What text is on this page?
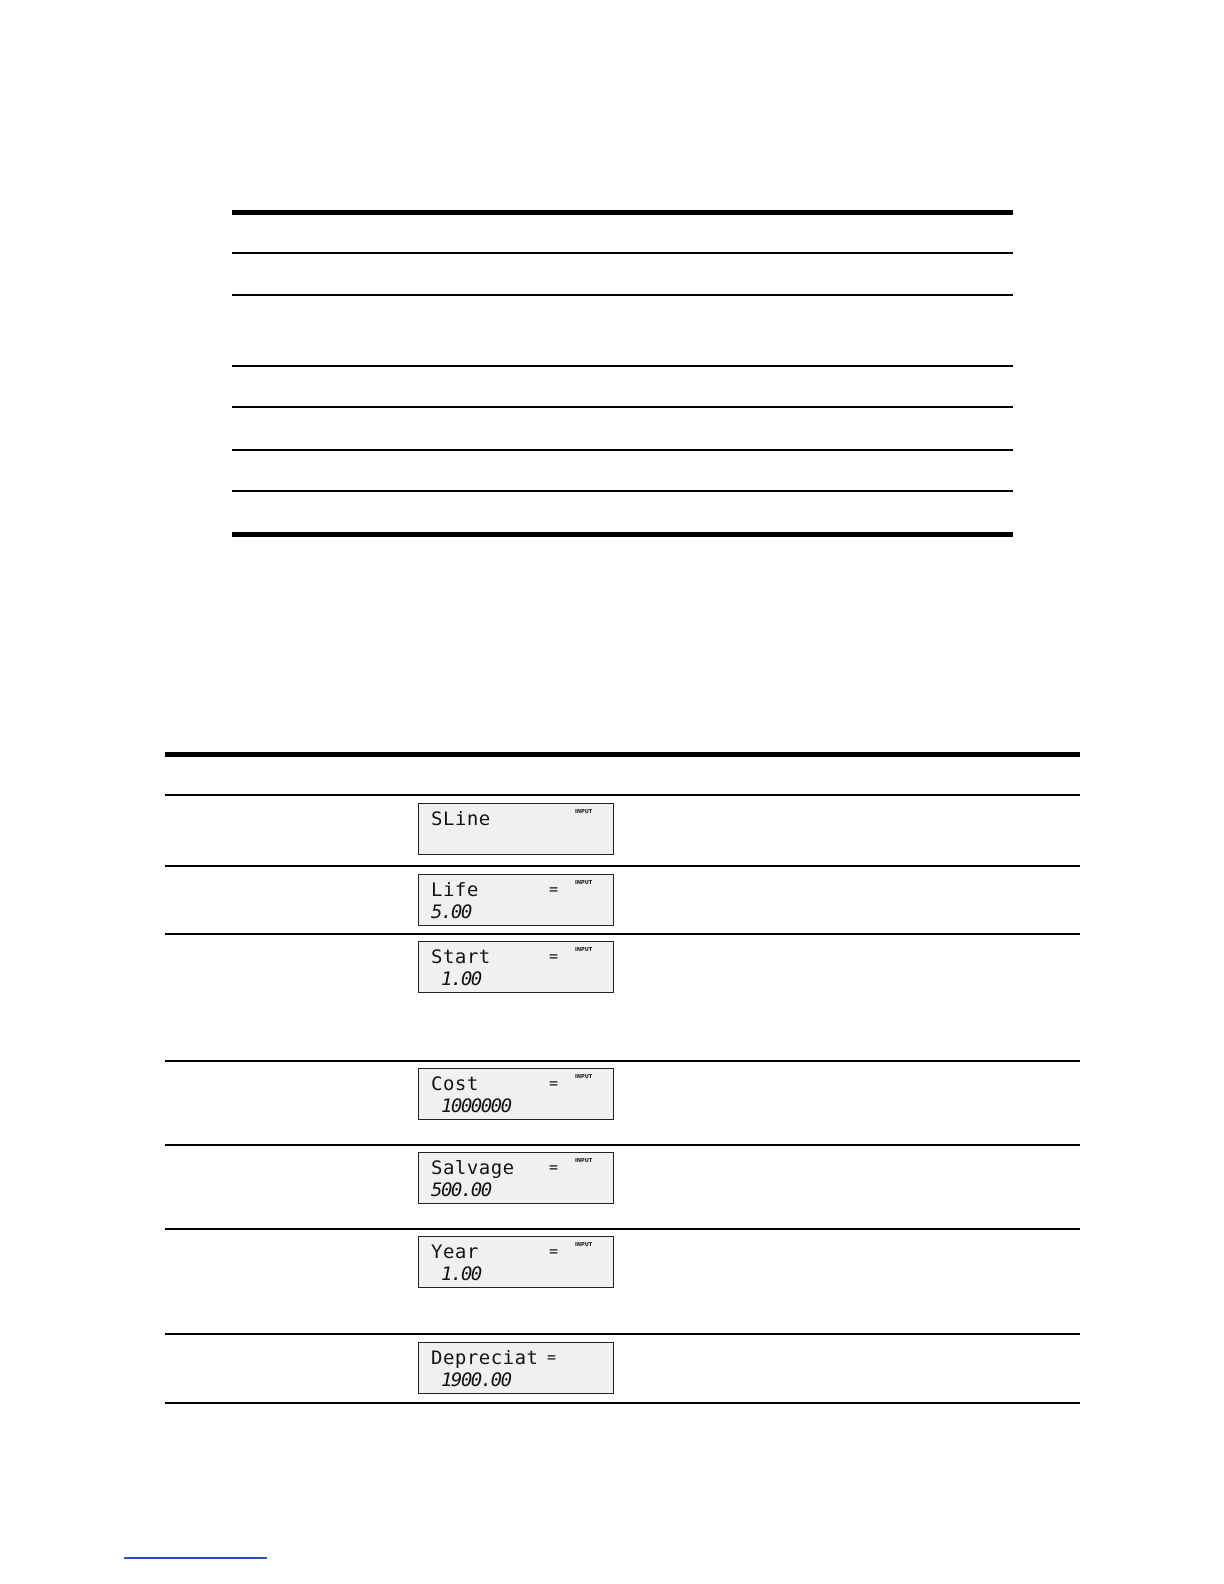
SLine	INPUT
Life	=
5.00
INPUT
Start	=
1.00
INPUT
Cost	=
1000000
INPUT
Salvage =
500.00
INPUT
Year	=
1.00
INPUT
Depreciat =
1900.00
